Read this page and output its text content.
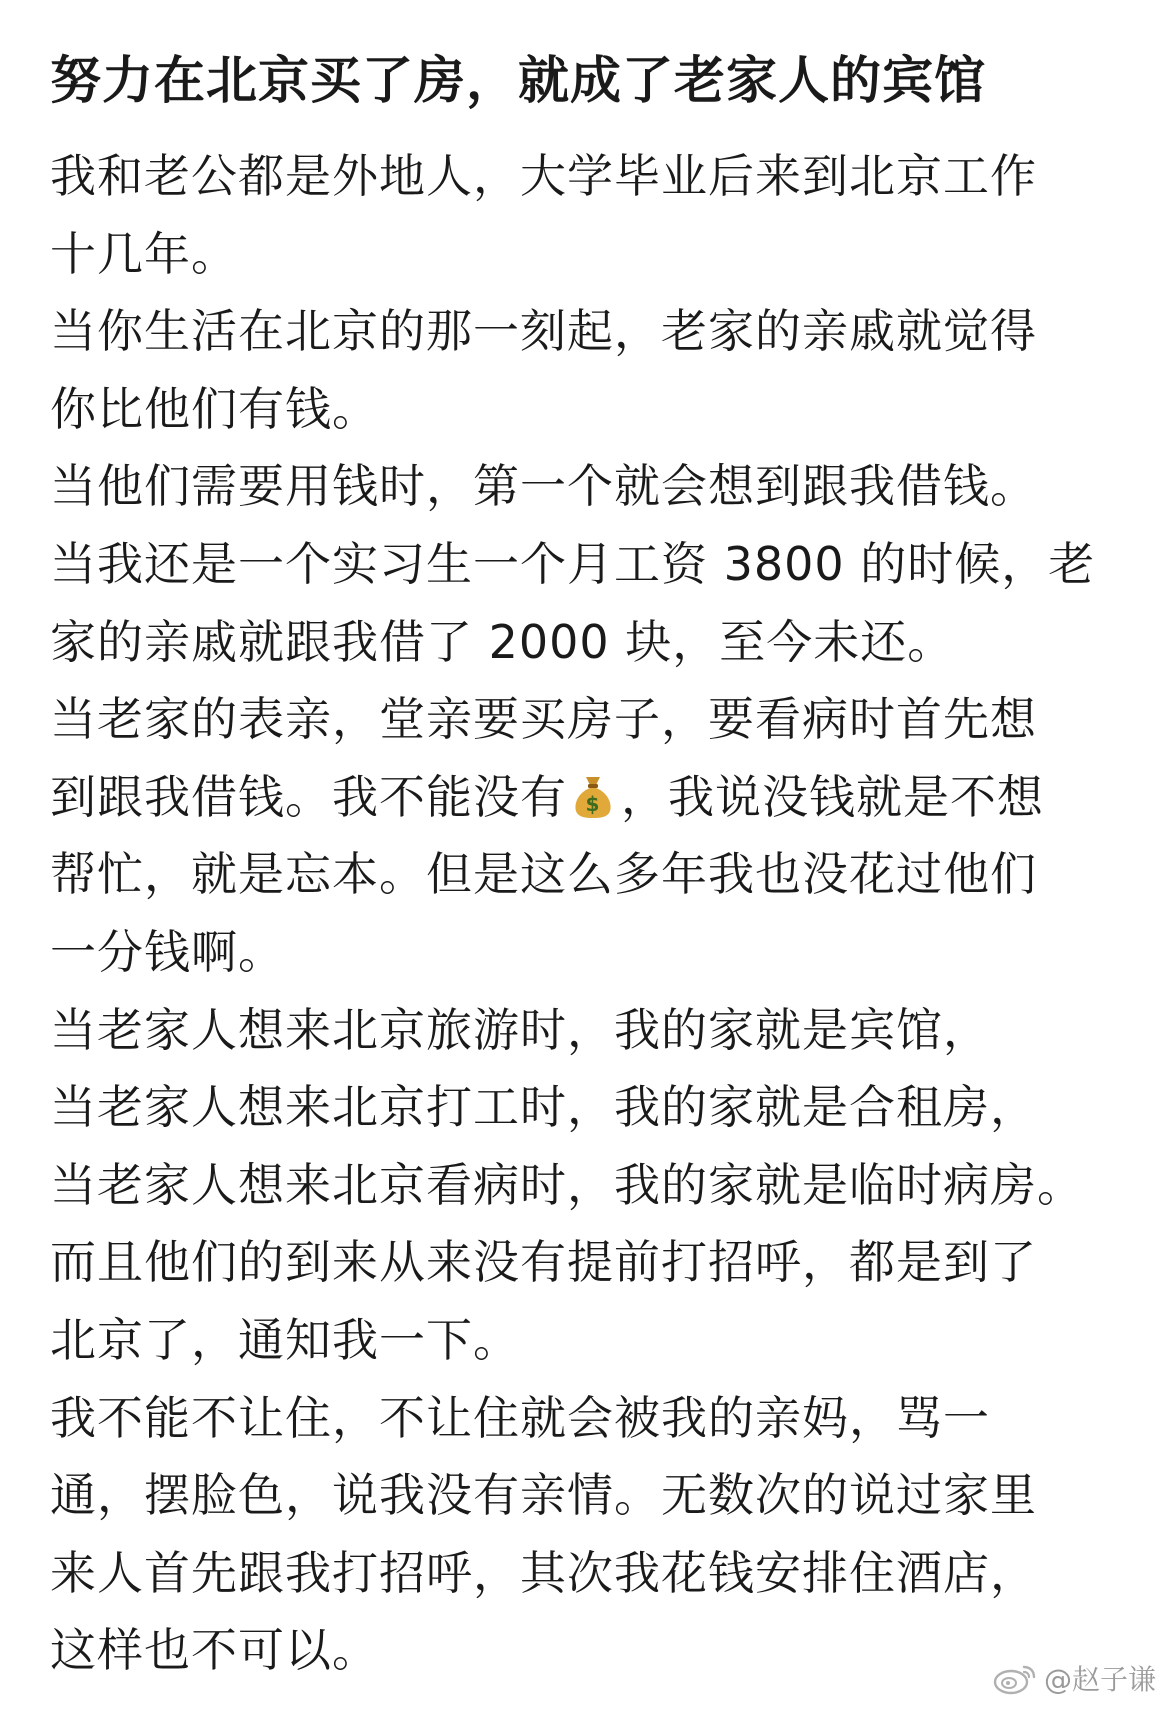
努力在北京买了房，就成了老家人的宾馆
我和老公都是外地人，大学毕业后来到北京工作
十几年。
当你生活在北京的那一刻起，老家的亲戚就觉得
你比他们有钱。
当他们需要用钱时，第一个就会想到跟我借钱。
当我还是一个实习生一个月工资 3800 的时候，老
家的亲戚就跟我借了 2000 块，至今未还。
当老家的表亲，堂亲要买房子，要看病时首先想
到跟我借钱。我不能没有 $ ，我说没钱就是不想
帮忙，就是忘本。但是这么多年我也没花过他们
一分钱啊。
当老家人想来北京旅游时，我的家就是宾馆，
当老家人想来北京打工时，我的家就是合租房，
当老家人想来北京看病时，我的家就是临时病房。
而且他们的到来从来没有提前打招呼，都是到了
北京了，通知我一下。
我不能不让住，不让住就会被我的亲妈，骂一
通，摆脸色，说我没有亲情。无数次的说过家里
来人首先跟我打招呼，其次我花钱安排住酒店，
这样也不可以。
@赵子谦
